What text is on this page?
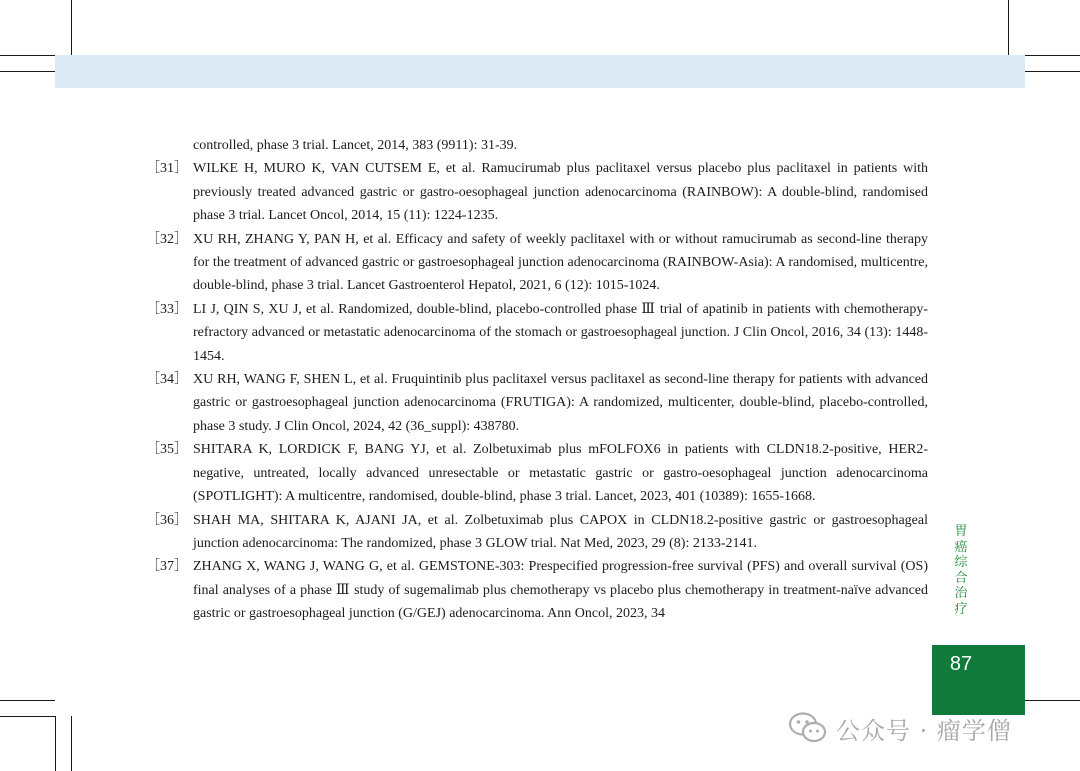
controlled, phase 3 trial. Lancet, 2014, 383 (9911): 31-39.
［31］ WILKE H, MURO K, VAN CUTSEM E, et al. Ramucirumab plus paclitaxel versus placebo plus paclitaxel in patients with previously treated advanced gastric or gastro-oesophageal junction adenocarcinoma (RAINBOW): A double-blind, randomised phase 3 trial. Lancet Oncol, 2014, 15 (11): 1224-1235.
［32］ XU RH, ZHANG Y, PAN H, et al. Efficacy and safety of weekly paclitaxel with or without ramucirumab as second-line therapy for the treatment of advanced gastric or gastroesophageal junction adenocarcinoma (RAINBOW-Asia): A randomised, multicentre, double-blind, phase 3 trial. Lancet Gastroenterol Hepatol, 2021, 6 (12): 1015-1024.
［33］ LI J, QIN S, XU J, et al. Randomized, double-blind, placebo-controlled phase Ⅲ trial of apatinib in patients with chemotherapy-refractory advanced or metastatic adenocarcinoma of the stomach or gastroesophageal junction. J Clin Oncol, 2016, 34 (13): 1448-1454.
［34］ XU RH, WANG F, SHEN L, et al. Fruquintinib plus paclitaxel versus paclitaxel as second-line therapy for patients with advanced gastric or gastroesophageal junction adenocarcinoma (FRUTIGA): A randomized, multicenter, double-blind, placebo-controlled, phase 3 study. J Clin Oncol, 2024, 42 (36_suppl): 438780.
［35］ SHITARA K, LORDICK F, BANG YJ, et al. Zolbetuximab plus mFOLFOX6 in patients with CLDN18.2-positive, HER2-negative, untreated, locally advanced unresectable or metastatic gastric or gastro-oesophageal junction adenocarcinoma (SPOTLIGHT): A multicentre, randomised, double-blind, phase 3 trial. Lancet, 2023, 401 (10389): 1655-1668.
［36］ SHAH MA, SHITARA K, AJANI JA, et al. Zolbetuximab plus CAPOX in CLDN18.2-positive gastric or gastroesophageal junction adenocarcinoma: The randomized, phase 3 GLOW trial. Nat Med, 2023, 29 (8): 2133-2141.
［37］ ZHANG X, WANG J, WANG G, et al. GEMSTONE-303: Prespecified progression-free survival (PFS) and overall survival (OS) final analyses of a phase Ⅲ study of sugemalimab plus chemotherapy vs placebo plus chemotherapy in treatment-naïve advanced gastric or gastroesophageal junction (G/GEJ) adenocarcinoma. Ann Oncol, 2023, 34
胃癌综合治疗
87
公众号 · 瘤学僧
